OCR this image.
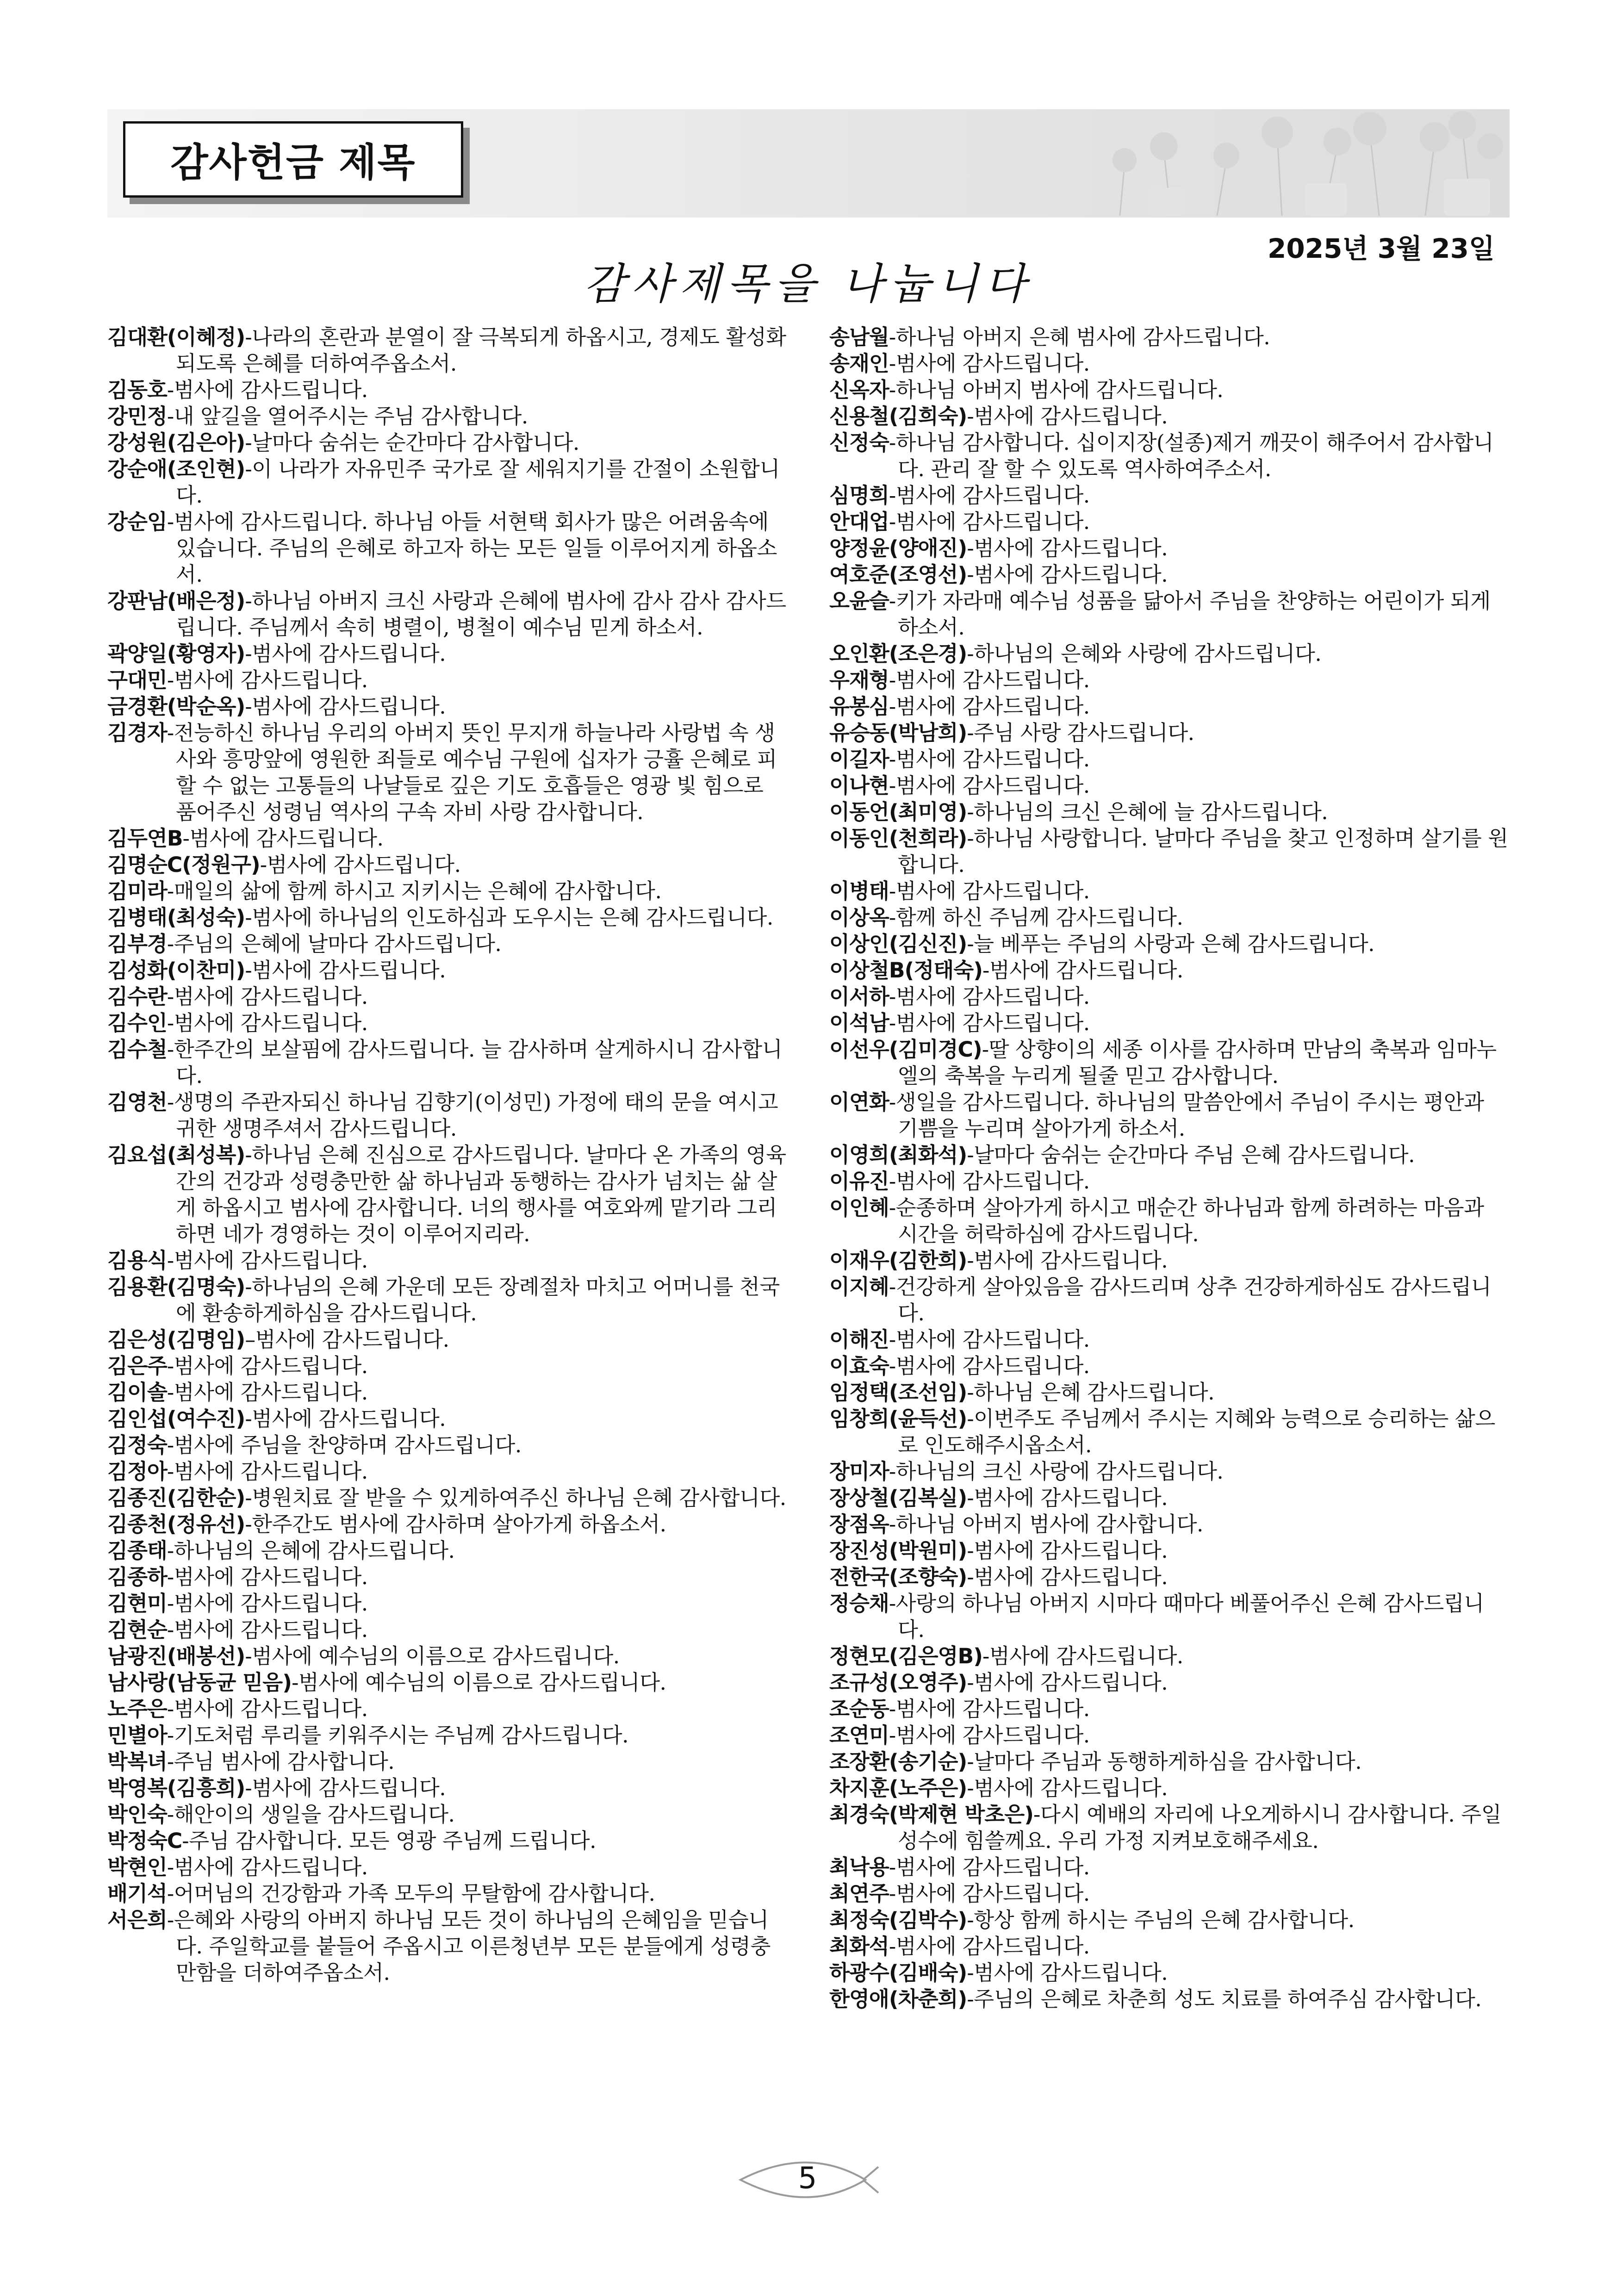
감사헌금 제목
2025년 3월 23일
감사제목을 나눕니다

김대환(이혜정)-나라의 혼란과 분열이 잘 극복되게 하옵시고, 경제도 활성화되도록 은혜를 더하여주옵소서.

김동호-범사에 감사드립니다.

강민정-내 앞길을 열어주시는 주님 감사합니다.

강성원(김은아)-날마다 숨쉬는 순간마다 감사합니다.

강순애(조인현)-이 나라가 자유민주 국가로 잘 세워지기를 간절이 소원합니다.

강순임-범사에 감사드립니다. 하나님 아들 서현택 회사가 많은 어려움속에 있습니다. 주님의 은혜로 하고자 하는 모든 일들 이루어지게 하옵소서.

강판남(배은정)-하나님 아버지 크신 사랑과 은혜에 범사에 감사 감사 감사드립니다. 주님께서 속히 병렬이, 병철이 예수님 믿게 하소서.

곽양일(황영자)-범사에 감사드립니다.

구대민-범사에 감사드립니다.

금경환(박순옥)-범사에 감사드립니다.

김경자-전능하신 하나님 우리의 아버지 뜻인 무지개 하늘나라 사랑법 속 생사와 흥망앞에 영원한 죄들로 예수님 구원에 십자가 긍휼 은혜로 피할 수 없는 고통들의 나날들로 깊은 기도 호흡들은 영광 빛 힘으로 품어주신 성령님 역사의 구속 자비 사랑 감사합니다.

김두연B-범사에 감사드립니다.

김명순C(정원구)-범사에 감사드립니다.

김미라-매일의 삶에 함께 하시고 지키시는 은혜에 감사합니다.

김병태(최성숙)-범사에 하나님의 인도하심과 도우시는 은혜 감사드립니다.

김부경-주님의 은혜에 날마다 감사드립니다.

김성화(이찬미)-범사에 감사드립니다.

김수란-범사에 감사드립니다.

김수인-범사에 감사드립니다.

김수철-한주간의 보살핌에 감사드립니다. 늘 감사하며 살게하시니 감사합니다.

김영천-생명의 주관자되신 하나님 김향기(이성민) 가정에 태의 문을 여시고 귀한 생명주셔서 감사드립니다.

김요섭(최성복)-하나님 은혜 진심으로 감사드립니다. 날마다 온 가족의 영육간의 건강과 성령충만한 삶 하나님과 동행하는 감사가 넘치는 삶 살게 하옵시고 범사에 감사합니다. 너의 행사를 여호와께 맡기라 그리하면 네가 경영하는 것이 이루어지리라.

김용식-범사에 감사드립니다.

김용환(김명숙)-하나님의 은혜 가운데 모든 장례절차 마치고 어머니를 천국에 환송하게하심을 감사드립니다.

김은성(김명임)–범사에 감사드립니다.

김은주-범사에 감사드립니다.

김이솔-범사에 감사드립니다.

김인섭(여수진)-범사에 감사드립니다.

김정숙-범사에 주님을 찬양하며 감사드립니다.

김정아-범사에 감사드립니다.

김종진(김한순)-병원치료 잘 받을 수 있게하여주신 하나님 은혜 감사합니다.

김종천(정유선)-한주간도 범사에 감사하며 살아가게 하옵소서.

김종태-하나님의 은혜에 감사드립니다.

김종하-범사에 감사드립니다.

김현미-범사에 감사드립니다.

김현순-범사에 감사드립니다.

남광진(배봉선)-범사에 예수님의 이름으로 감사드립니다.

남사랑(남동균 믿음)-범사에 예수님의 이름으로 감사드립니다.

노주은-범사에 감사드립니다.

민별아-기도처럼 루리를 키워주시는 주님께 감사드립니다.

박복녀-주님 범사에 감사합니다.

박영복(김흥희)-범사에 감사드립니다.

박인숙-해안이의 생일을 감사드립니다.

박정숙C-주님 감사합니다. 모든 영광 주님께 드립니다.

박현인-범사에 감사드립니다.

배기석-어머님의 건강함과 가족 모두의 무탈함에 감사합니다.

서은희-은혜와 사랑의 아버지 하나님 모든 것이 하나님의 은혜임을 믿습니다. 주일학교를 붙들어 주옵시고 이른청년부 모든 분들에게 성령충만함을 더하여주옵소서.

송남월-하나님 아버지 은혜 범사에 감사드립니다.

송재인-범사에 감사드립니다.

신옥자-하나님 아버지 범사에 감사드립니다.

신용철(김희숙)-범사에 감사드립니다.

신정숙-하나님 감사합니다. 십이지장(설종)제거 깨끗이 해주어서 감사합니다. 관리 잘 할 수 있도록 역사하여주소서.

심명희-범사에 감사드립니다.

안대업-범사에 감사드립니다.

양정윤(양애진)-범사에 감사드립니다.

여호준(조영선)-범사에 감사드립니다.

오윤슬-키가 자라매 예수님 성품을 닮아서 주님을 찬양하는 어린이가 되게 하소서.

오인환(조은경)-하나님의 은혜와 사랑에 감사드립니다.

우재형-범사에 감사드립니다.

유봉심-범사에 감사드립니다.

유승동(박남희)-주님 사랑 감사드립니다.

이길자-범사에 감사드립니다.

이나현-범사에 감사드립니다.

이동언(최미영)-하나님의 크신 은혜에 늘 감사드립니다.

이동인(천희라)-하나님 사랑합니다. 날마다 주님을 찾고 인정하며 살기를 원합니다.

이병태-범사에 감사드립니다.

이상옥-함께 하신 주님께 감사드립니다.

이상인(김신진)-늘 베푸는 주님의 사랑과 은혜 감사드립니다.

이상철B(정태숙)-범사에 감사드립니다.

이서하-범사에 감사드립니다.

이석남-범사에 감사드립니다.

이선우(김미경C)-딸 상향이의 세종 이사를 감사하며 만남의 축복과 임마누엘의 축복을 누리게 될줄 믿고 감사합니다.

이연화-생일을 감사드립니다. 하나님의 말씀안에서 주님이 주시는 평안과 기쁨을 누리며 살아가게 하소서.

이영희(최화석)-날마다 숨쉬는 순간마다 주님 은혜 감사드립니다.

이유진-범사에 감사드립니다.

이인혜-순종하며 살아가게 하시고 매순간 하나님과 함께 하려하는 마음과 시간을 허락하심에 감사드립니다.

이재우(김한희)-범사에 감사드립니다.

이지혜-건강하게 살아있음을 감사드리며 상추 건강하게하심도 감사드립니다.

이해진-범사에 감사드립니다.

이효숙-범사에 감사드립니다.

임정택(조선임)-하나님 은혜 감사드립니다.

임창희(윤득선)-이번주도 주님께서 주시는 지혜와 능력으로 승리하는 삶으로 인도해주시옵소서.

장미자-하나님의 크신 사랑에 감사드립니다.

장상철(김복실)-범사에 감사드립니다.

장점옥-하나님 아버지 범사에 감사합니다.

장진성(박원미)-범사에 감사드립니다.

전한국(조향숙)-범사에 감사드립니다.

정승채-사랑의 하나님 아버지 시마다 때마다 베풀어주신 은혜 감사드립니다.

정현모(김은영B)-범사에 감사드립니다.

조규성(오영주)-범사에 감사드립니다.

조순동-범사에 감사드립니다.

조연미-범사에 감사드립니다.

조장환(송기순)-날마다 주님과 동행하게하심을 감사합니다.

차지훈(노주은)-범사에 감사드립니다.

최경숙(박제현 박초은)-다시 예배의 자리에 나오게하시니 감사합니다. 주일 성수에 힘쓸께요. 우리 가정 지켜보호해주세요.

최낙용-범사에 감사드립니다.

최연주-범사에 감사드립니다.

최정숙(김박수)-항상 함께 하시는 주님의 은혜 감사합니다.

최화석-범사에 감사드립니다.

하광수(김배숙)-범사에 감사드립니다.

한영애(차춘희)-주님의 은혜로 차춘희 성도 치료를 하여주심 감사합니다.

5
